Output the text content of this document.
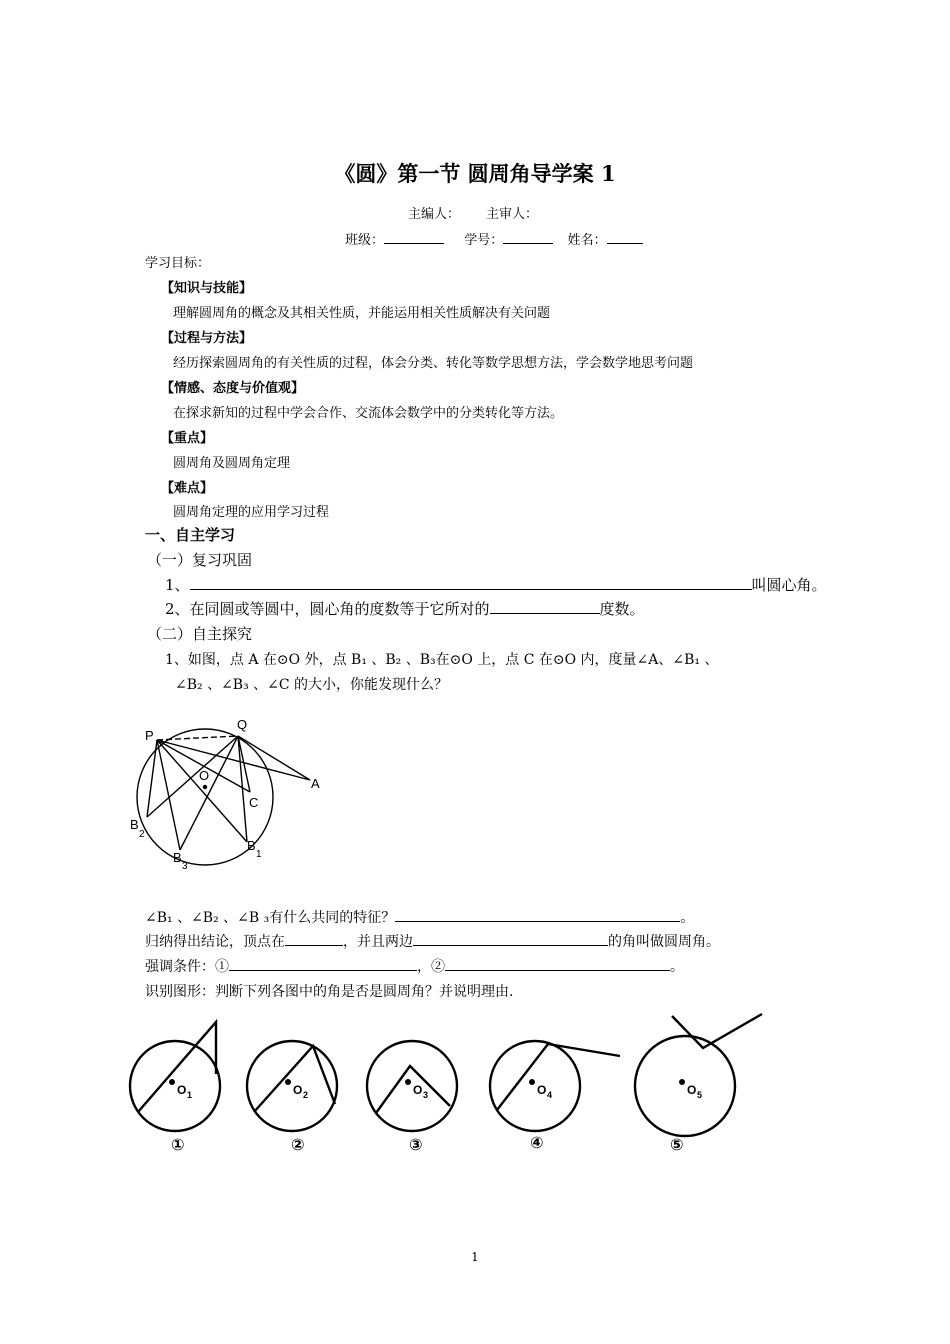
《圆》第一节 圆周角导学案 1
主编人： 主审人：
班级：	学号：	姓名：
学习目标：
【知识与技能】
理解圆周角的概念及其相关性质，并能运用相关性质解决有关问题
【过程与方法】
经历探索圆周角的有关性质的过程，体会分类、转化等数学思想方法，学会数学地思考问题
【情感、态度与价值观】
在探求新知的过程中学会合作、交流体会数学中的分类转化等方法。
【重点】
圆周角及圆周角定理
【难点】
圆周角定理的应用学习过程
一、自主学习
（一）复习巩固
1、	叫圆心角。
2、在同圆或等圆中，圆心角的度数等于它所对的	度数。
（二）自主探究
1、如图，点 A 在⊙O 外，点 B₁ 、B₂ 、B₃在⊙O 上，点 C 在⊙O 内，度量∠A、∠B₁ 、
∠B₂ 、∠B₃ 、∠C 的大小，你能发现什么？
P
Q
O
A
C
B
2
B
3
B
1
∠B₁ 、∠B₂ 、∠B ₃有什么共同的特征？	。
归纳得出结论，顶点在	，并且两边	的角叫做圆周角。
强调条件：①	，②	。
识别图形：判断下列各图中的角是否是圆周角？并说明理由.
O 1	O 2	O 3	O 4	O 5
①	②	③	④	⑤
1
